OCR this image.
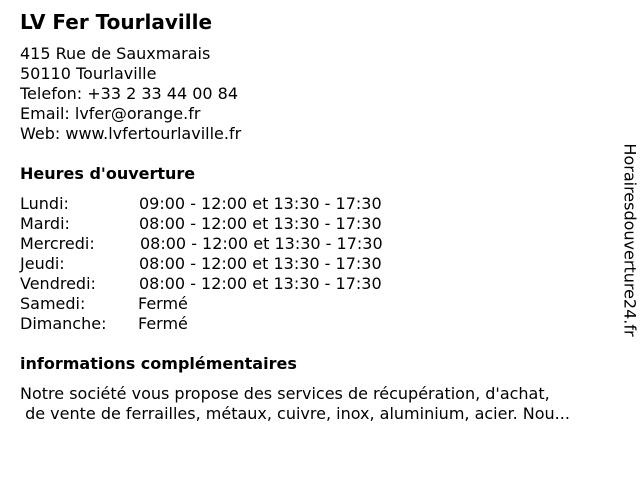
LV Fer Tourlaville
415 Rue de Sauxmarais
50110 Tourlaville
Telefon: +33 2 33 44 00 84
Email: lvfer@orange.fr
Web: www.lvfertourlaville.fr
Heures d'ouverture
Lundi:	09:00 - 12:00 et 13:30 - 17:30
Mardi:	08:00 - 12:00 et 13:30 - 17:30
Mercredi:	08:00 - 12:00 et 13:30 - 17:30
Jeudi:	08:00 - 12:00 et 13:30 - 17:30
Vendredi:	08:00 - 12:00 et 13:30 - 17:30
Samedi:	Fermé
Dimanche: Fermé
informations complémentaires
Notre société vous propose des services de récupération, d'achat,
de vente de ferrailles, métaux, cuivre, inox, aluminium, acier. Nou...
Horairesdouverture24.fr
